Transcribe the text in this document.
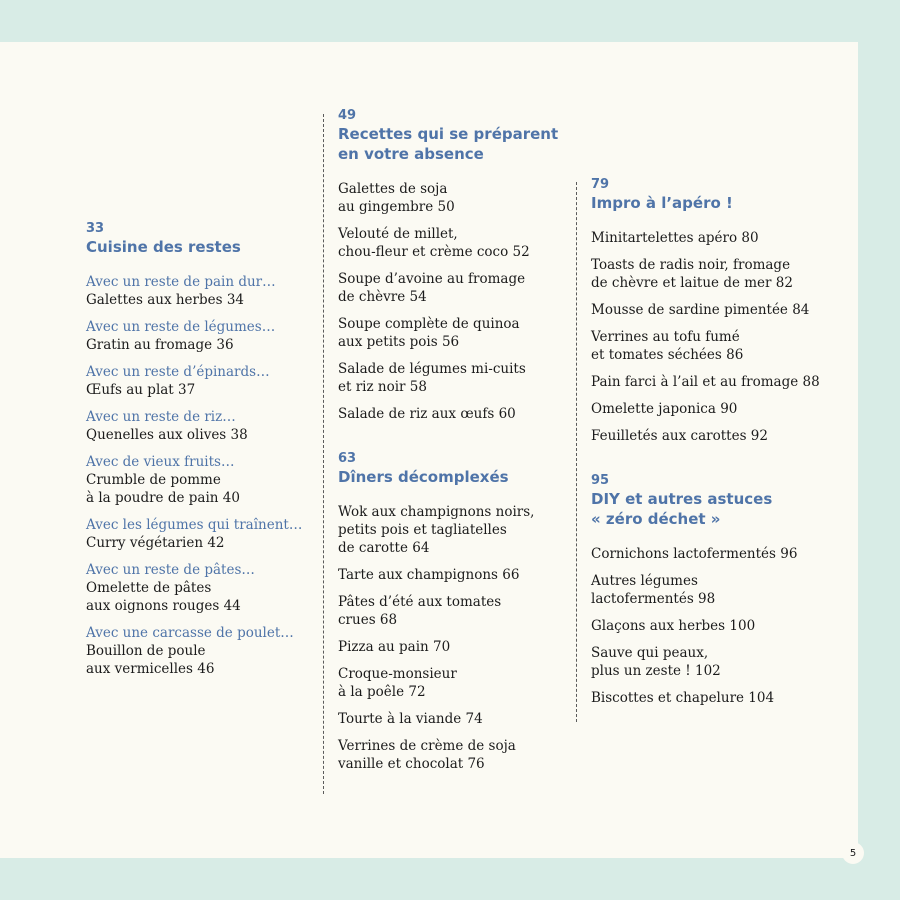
33
Cuisine des restes
Avec un reste de pain dur…
Galettes aux herbes 34
Avec un reste de légumes…
Gratin au fromage 36
Avec un reste d’épinards…
Œufs au plat 37
Avec un reste de riz…
Quenelles aux olives 38
Avec de vieux fruits…
Crumble de pomme
à la poudre de pain 40
Avec les légumes qui traînent…
Curry végétarien 42
Avec un reste de pâtes…
Omelette de pâtes
aux oignons rouges 44
Avec une carcasse de poulet…
Bouillon de poule
aux vermicelles 46
49
Recettes qui se préparent
en votre absence
Galettes de soja
au gingembre 50
Velouté de millet,
chou-fleur et crème coco 52
Soupe d’avoine au fromage
de chèvre 54
Soupe complète de quinoa
aux petits pois 56
Salade de légumes mi-cuits
et riz noir 58
Salade de riz aux œufs 60
63
Dîners décomplexés
Wok aux champignons noirs,
petits pois et tagliatelles
de carotte 64
Tarte aux champignons 66
Pâtes d’été aux tomates
crues 68
Pizza au pain 70
Croque-monsieur
à la poêle 72
Tourte à la viande 74
Verrines de crème de soja
vanille et chocolat 76
79
Impro à l’apéro !
Minitartelettes apéro 80
Toasts de radis noir, fromage
de chèvre et laitue de mer 82
Mousse de sardine pimentée 84
Verrines au tofu fumé
et tomates séchées 86
Pain farci à l’ail et au fromage 88
Omelette japonica 90
Feuilletés aux carottes 92
95
DIY et autres astuces
« zéro déchet »
Cornichons lactofermentés 96
Autres légumes
lactofermentés 98
Glaçons aux herbes 100
Sauve qui peaux,
plus un zeste ! 102
Biscottes et chapelure 104
5
